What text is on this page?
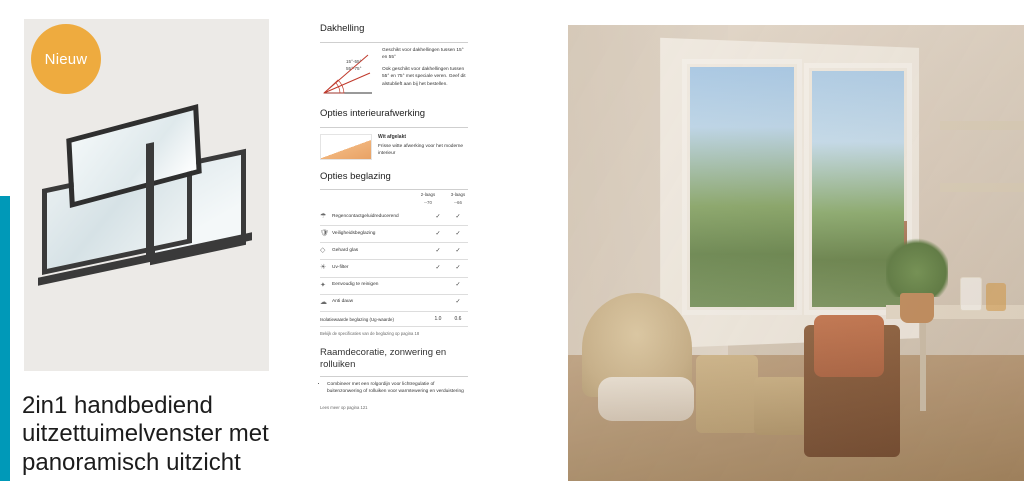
Nieuw
2in1 handbediend uitzettuimelvenster met panoramisch uitzicht
Dakhelling
15°-55°
55°-75°

Geschikt voor dakhellingen tussen 15° en 55°

Ook geschikt voor dakhellingen tussen 55° en 75° met speciale veren. Geef dit alstublieft aan bij het bestellen.

Opties interieurafwerking
Wit afgelakt
Frisse witte afwerking voor het moderne interieur
Opties beglazing
2-laags	3-laags
--70	--66
☂	Regencontactgeluidreducerend	✓	✓
🛡	Veiligheidsbeglazing	✓	✓
◇	Gehard glas	✓	✓
☀	Uv-filter	✓	✓
✦	Eenvoudig te reinigen		✓
☁	Anti dauw		✓
Isolatiewaarde beglazing (Ug-waarde)	1.0	0.6
Bekijk de specificaties van de beglazing op pagina 18
Raamdecoratie, zonwering en rolluiken
• Combineer met een rolgordijn voor lichtregulatie of buitenzonwering of rolluiken voor warmtewering en verduistering
Lees meer op pagina 121
